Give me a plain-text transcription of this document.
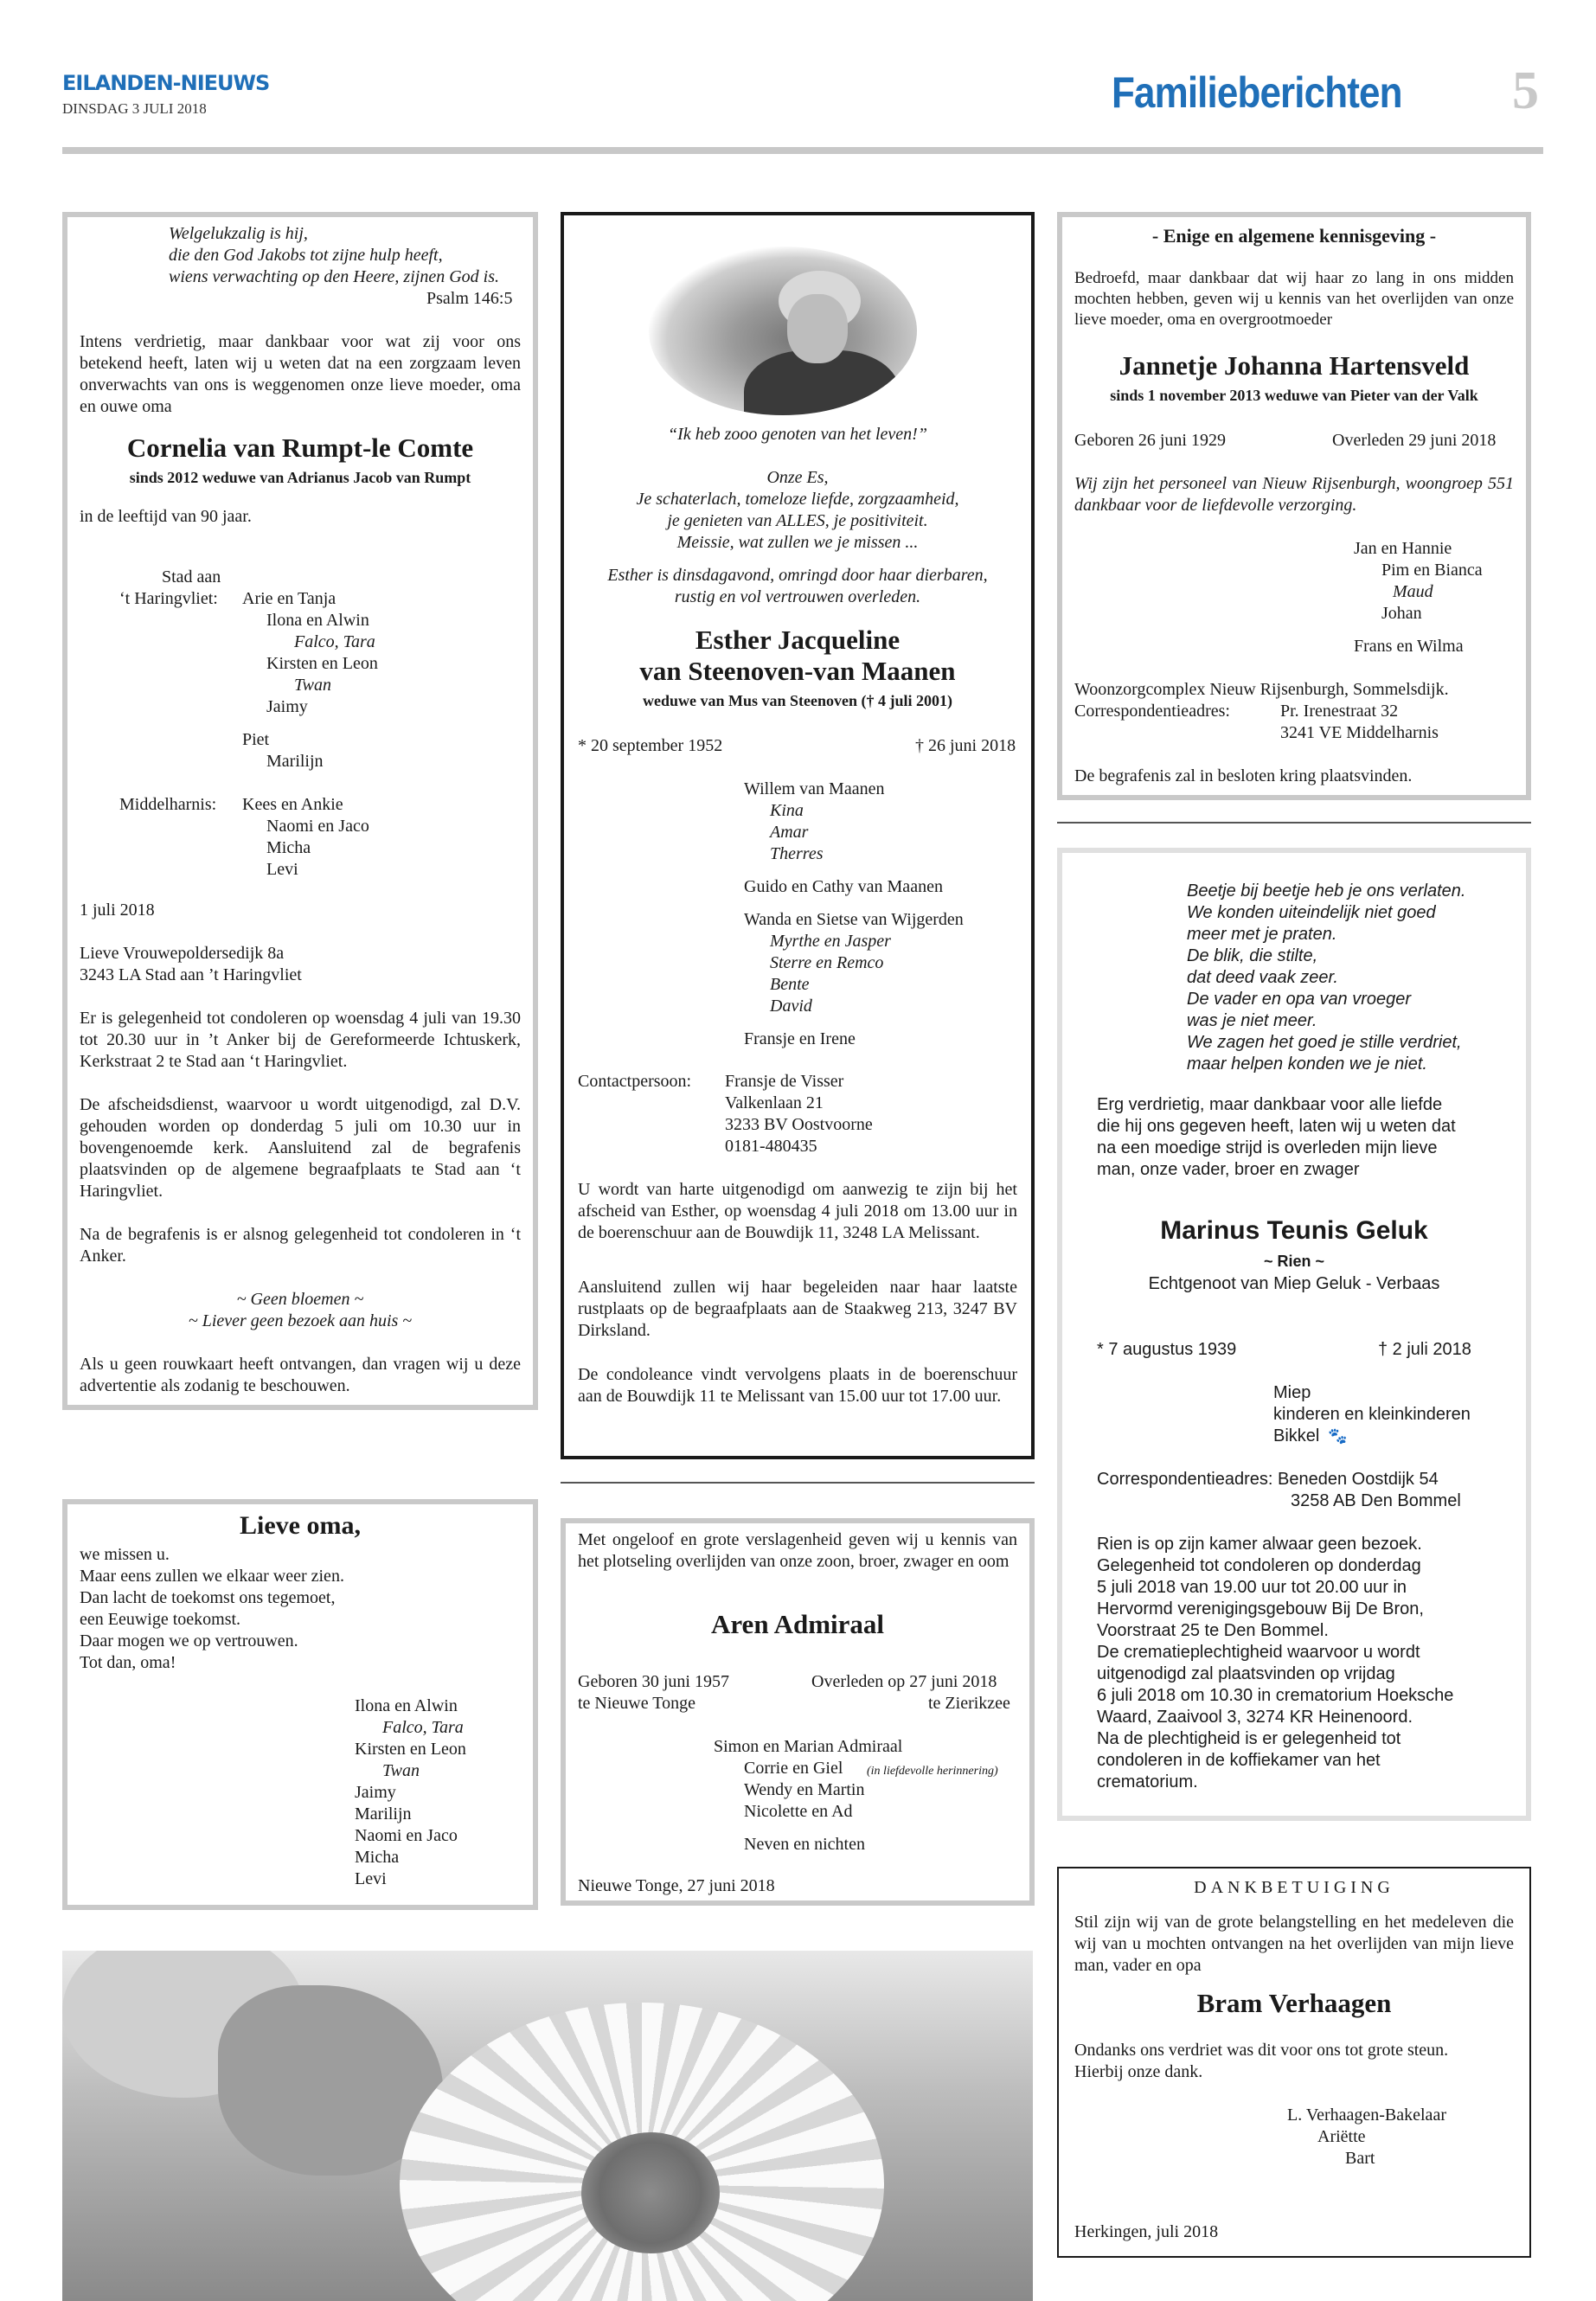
EILANDEN-NIEUWS
DINSDAG 3 JULI 2018	Familieberichten 5
Welgelukzalig is hij,
die den God Jakobs tot zijne hulp heeft,
wiens verwachting op den Heere, zijnen God is.
Psalm 146:5
Intens verdrietig, maar dankbaar voor wat zij voor ons betekend heeft, laten wij u weten dat na een zorgzaam leven onverwachts van ons is weggenomen onze lieve moeder, oma en ouwe oma
Cornelia van Rumpt-le Comte
sinds 2012 weduwe van Adrianus Jacob van Rumpt
in de leeftijd van 90 jaar.
Stad aan
‘t Haringvliet: Arie en Tanja
Ilona en Alwin
Falco, Tara
Kirsten en Leon
Twan
Jaimy
Piet
Marilijn
Middelharnis: Kees en Ankie
Naomi en Jaco
Micha
Levi
1 juli 2018
Lieve Vrouwepoldersedijk 8a
3243 LA Stad aan ’t Haringvliet
Er is gelegenheid tot condoleren op woensdag 4 juli van 19.30 tot 20.30 uur in ’t Anker bij de Gereformeerde Ichtuskerk, Kerkstraat 2 te Stad aan ‘t Haringvliet.
De afscheidsdienst, waarvoor u wordt uitgenodigd, zal D.V. gehouden worden op donderdag 5 juli om 10.30 uur in bovengenoemde kerk. Aansluitend zal de begrafenis plaatsvinden op de algemene begraafplaats te Stad aan ‘t Haringvliet.
Na de begrafenis is er alsnog gelegenheid tot condoleren in ‘t Anker.
~ Geen bloemen ~
~ Liever geen bezoek aan huis ~
Als u geen rouwkaart heeft ontvangen, dan vragen wij u deze advertentie als zodanig te beschouwen.
Lieve oma,
we missen u.
Maar eens zullen we elkaar weer zien.
Dan lacht de toekomst ons tegemoet,
een Eeuwige toekomst.
Daar mogen we op vertrouwen.
Tot dan, oma!
Ilona en Alwin
Falco, Tara
Kirsten en Leon
Twan
Jaimy
Marilijn
Naomi en Jaco
Micha
Levi
“Ik heb zooo genoten van het leven!”
Onze Es,
Je schaterlach, tomeloze liefde, zorgzaamheid,
je genieten van ALLES, je positiviteit.
Meissie, wat zullen we je missen ...
Esther is dinsdagavond, omringd door haar dierbaren,
rustig en vol vertrouwen overleden.
Esther Jacqueline
van Steenoven-van Maanen
weduwe van Mus van Steenoven († 4 juli 2001)
* 20 september 1952	† 26 juni 2018
Willem van Maanen
Kina
Amar
Therres
Guido en Cathy van Maanen
Wanda en Sietse van Wijgerden
Myrthe en Jasper
Sterre en Remco
Bente
David
Fransje en Irene
Contactpersoon: Fransje de Visser
Valkenlaan 21
3233 BV Oostvoorne
0181-480435
U wordt van harte uitgenodigd om aanwezig te zijn bij het afscheid van Esther, op woensdag 4 juli 2018 om 13.00 uur in de boerenschuur aan de Bouwdijk 11, 3248 LA Melissant.
Aansluitend zullen wij haar begeleiden naar haar laatste rustplaats op de begraafplaats aan de Staakweg 213, 3247 BV Dirksland.
De condoleance vindt vervolgens plaats in de boerenschuur aan de Bouwdijk 11 te Melissant van 15.00 uur tot 17.00 uur.
Met ongeloof en grote verslagenheid geven wij u kennis van het plotseling overlijden van onze zoon, broer, zwager en oom
Aren Admiraal
Geboren 30 juni 1957
te Nieuwe Tonge
Overleden op 27 juni 2018
te Zierikzee
Simon en Marian Admiraal
Corrie en Giel (in liefdevolle herinnering)
Wendy en Martin
Nicolette en Ad
Neven en nichten
Nieuwe Tonge, 27 juni 2018
- Enige en algemene kennisgeving -
Bedroefd, maar dankbaar dat wij haar zo lang in ons midden mochten hebben, geven wij u kennis van het overlijden van onze lieve moeder, oma en overgrootmoeder
Jannetje Johanna Hartensveld
sinds 1 november 2013 weduwe van Pieter van der Valk
Geboren 26 juni 1929	Overleden 29 juni 2018
Wij zijn het personeel van Nieuw Rijsenburgh, woongroep 551 dankbaar voor de liefdevolle verzorging.
Jan en Hannie
Pim en Bianca
Maud
Johan
Frans en Wilma
Woonzorgcomplex Nieuw Rijsenburgh, Sommelsdijk.
Correspondentieadres:	Pr. Irenestraat 32
3241 VE Middelharnis
De begrafenis zal in besloten kring plaatsvinden.
Beetje bij beetje heb je ons verlaten.
We konden uiteindelijk niet goed
meer met je praten.
De blik, die stilte,
dat deed vaak zeer.
De vader en opa van vroeger
was je niet meer.
We zagen het goed je stille verdriet,
maar helpen konden we je niet.
Erg verdrietig, maar dankbaar voor alle liefde
die hij ons gegeven heeft, laten wij u weten dat
na een moedige strijd is overleden mijn lieve
man, onze vader, broer en zwager
Marinus Teunis Geluk
~ Rien ~
Echtgenoot van Miep Geluk - Verbaas
* 7 augustus 1939	† 2 juli 2018
Miep
kinderen en kleinkinderen
Bikkel 🐾
Correspondentieadres: Beneden Oostdijk 54
3258 AB Den Bommel
Rien is op zijn kamer alwaar geen bezoek.
Gelegenheid tot condoleren op donderdag
5 juli 2018 van 19.00 uur tot 20.00 uur in
Hervormd verenigingsgebouw Bij De Bron,
Voorstraat 25 te Den Bommel.
De crematieplechtigheid waarvoor u wordt
uitgenodigd zal plaatsvinden op vrijdag
6 juli 2018 om 10.30 in crematorium Hoeksche
Waard, Zaaivool 3, 3274 KR Heinenoord.
Na de plechtigheid is er gelegenheid tot
condoleren in de koffiekamer van het
crematorium.
DANKBETUIGING
Stil zijn wij van de grote belangstelling en het medeleven die wij van u mochten ontvangen na het overlijden van mijn lieve man, vader en opa
Bram Verhaagen
Ondanks ons verdriet was dit voor ons tot grote steun.
Hierbij onze dank.
L. Verhaagen-Bakelaar
Ariëtte
Bart
Herkingen, juli 2018
